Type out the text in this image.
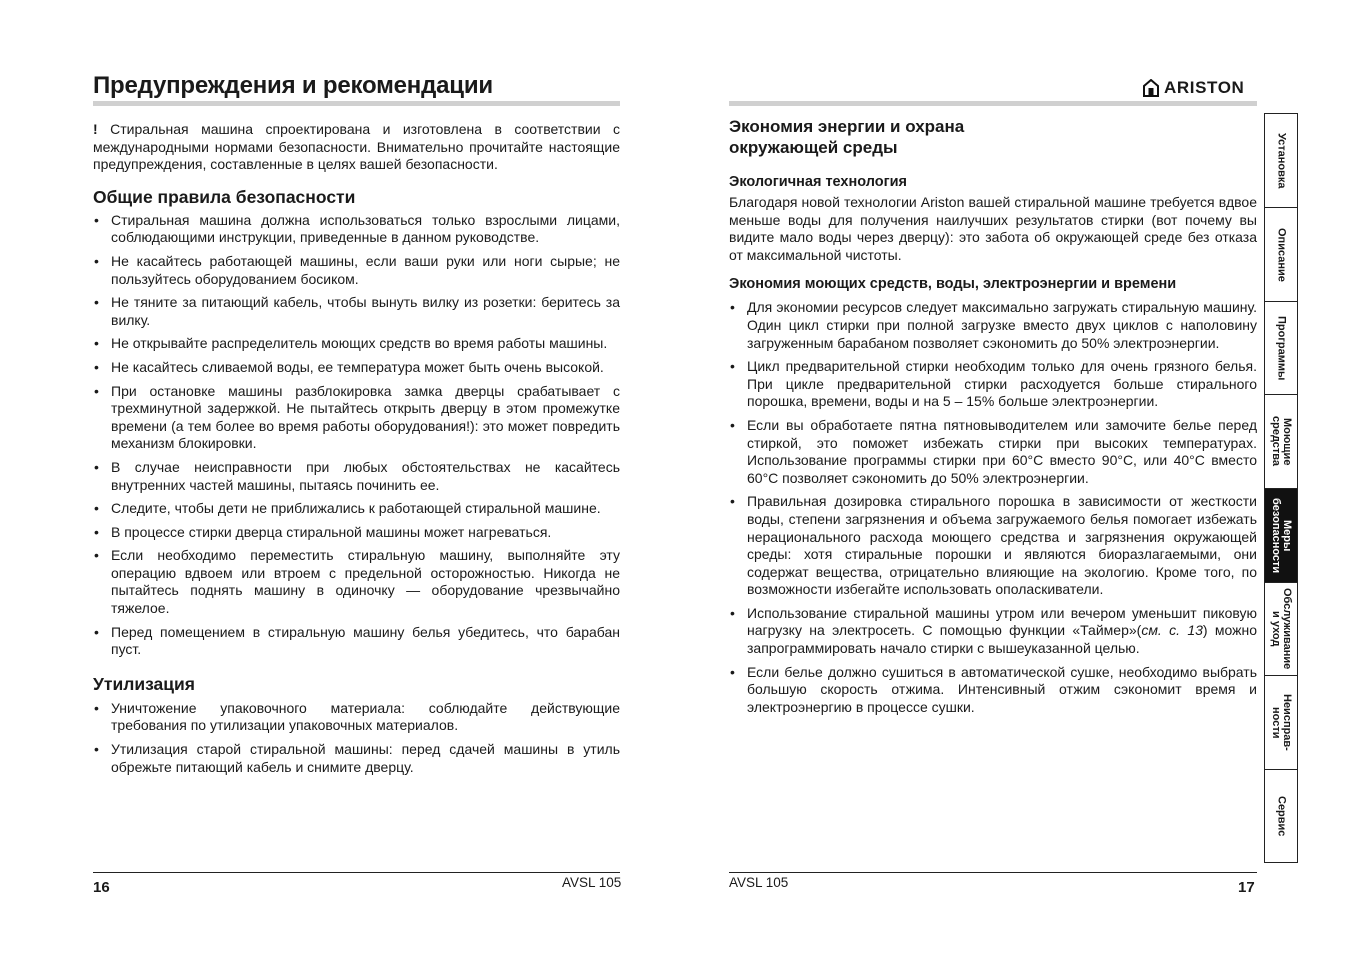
Предупреждения и рекомендации	ARISTON

! Стиральная машина спроектирована и изготовлена в соответствии с международными нормами безопасности. Внимательно прочитайте настоящие предупреждения, составленные в целях вашей безопасности.

Общие правила безопасности
• Стиральная машина должна использоваться только взрослыми лицами, соблюдающими инструкции, приведенные в данном руководстве.
• Не касайтесь работающей машины, если ваши руки или ноги сырые; не пользуйтесь оборудованием босиком.
• Не тяните за питающий кабель, чтобы вынуть вилку из розетки: беритесь за вилку.
• Не открывайте распределитель моющих средств во время работы машины.
• Не касайтесь сливаемой воды, ее температура может быть очень высокой.
• При остановке машины разблокировка замка дверцы срабатывает с трехминутной задержкой. Не пытайтесь открыть дверцу в этом промежутке времени (а тем более во время работы оборудования!): это может повредить механизм блокировки.
• В случае неисправности при любых обстоятельствах не касайтесь внутренних частей машины, пытаясь починить ее.
• Следите, чтобы дети не приближались к работающей стиральной машине.
• В процессе стирки дверца стиральной машины может нагреваться.
• Если необходимо переместить стиральную машину, выполняйте эту операцию вдвоем или втроем с предельной осторожностью. Никогда не пытайтесь поднять машину в одиночку — оборудование чрезвычайно тяжелое.
• Перед помещением в стиральную машину белья убедитесь, что барабан пуст.
Утилизация
• Уничтожение упаковочного материала: соблюдайте действующие требования по утилизации упаковочных материалов.
• Утилизация старой стиральной машины: перед сдачей машины в утиль обрежьте питающий кабель и снимите дверцу.
16	AVSL 105
Экономия энергии и охрана
окружающей среды
Экологичная технология

Благодаря новой технологии Ariston вашей стиральной машине требуется вдвое меньше воды для получения наилучших результатов стирки (вот почему вы видите мало воды через дверцу): это забота об окружающей среде без отказа от максимальной чистоты.

Экономия моющих средств, воды, электроэнергии и времени
• Для экономии ресурсов следует максимально загружать стиральную машину. Один цикл стирки при полной загрузке вместо двух циклов с наполовину загруженным барабаном позволяет сэкономить до 50% электроэнергии.
• Цикл предварительной стирки необходим только для очень грязного белья. При цикле предварительной стирки расходуется больше стирального порошка, времени, воды и на 5 – 15% больше электроэнергии.
• Если вы обработаете пятна пятновыводителем или замочите белье перед стиркой, это поможет избежать стирки при высоких температурах. Использование программы стирки при 60°C вместо 90°C, или 40°C вместо 60°C позволяет сэкономить до 50% электроэнергии.
• Правильная дозировка стирального порошка в зависимости от жесткости воды, степени загрязнения и объема загружаемого белья помогает избежать нерационального расхода моющего средства и загрязнения окружающей среды: хотя стиральные порошки и являются биоразлагаемыми, они содержат вещества, отрицательно влияющие на экологию. Кроме того, по возможности избегайте использовать ополаскиватели.
• Использование стиральной машины утром или вечером уменьшит пиковую нагрузку на электросеть. С помощью функции «Таймер»(см. с. 13) можно запрограммировать начало стирки с вышеуказанной целью.
• Если белье должно сушиться в автоматической сушке, необходимо выбрать большую скорость отжима. Интенсивный отжим сэкономит время и электроэнергию в процессе сушки.
AVSL 105	17
Установка
Описание
Программы
Моющие
средства
Меры
безопасности
Обслуживание
и уход
Неисправ-
ности
Сервис
